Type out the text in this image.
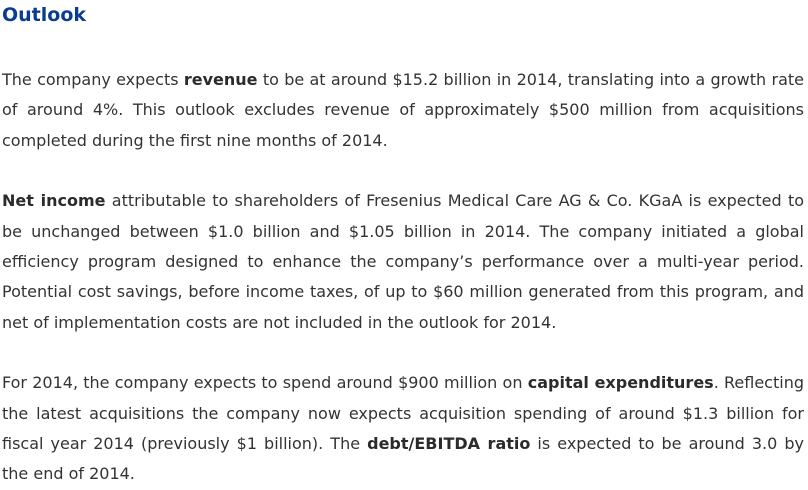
Outlook

The company expects revenue to be at around $15.2 billion in 2014, translating into a growth rate of around 4%. This outlook excludes revenue of approximately $500 million from acquisitions completed during the first nine months of 2014.

Net income attributable to shareholders of Fresenius Medical Care AG & Co. KGaA is expected to be unchanged between $1.0 billion and $1.05 billion in 2014. The company initiated a global efficiency program designed to enhance the company’s performance over a multi-year period. Potential cost savings, before income taxes, of up to $60 million generated from this program, and net of implementation costs are not included in the outlook for 2014.

For 2014, the company expects to spend around $900 million on capital expenditures. Reflecting the latest acquisitions the company now expects acquisition spending of around $1.3 billion for fiscal year 2014 (previously $1 billion). The debt/EBITDA ratio is expected to be around 3.0 by the end of 2014.
